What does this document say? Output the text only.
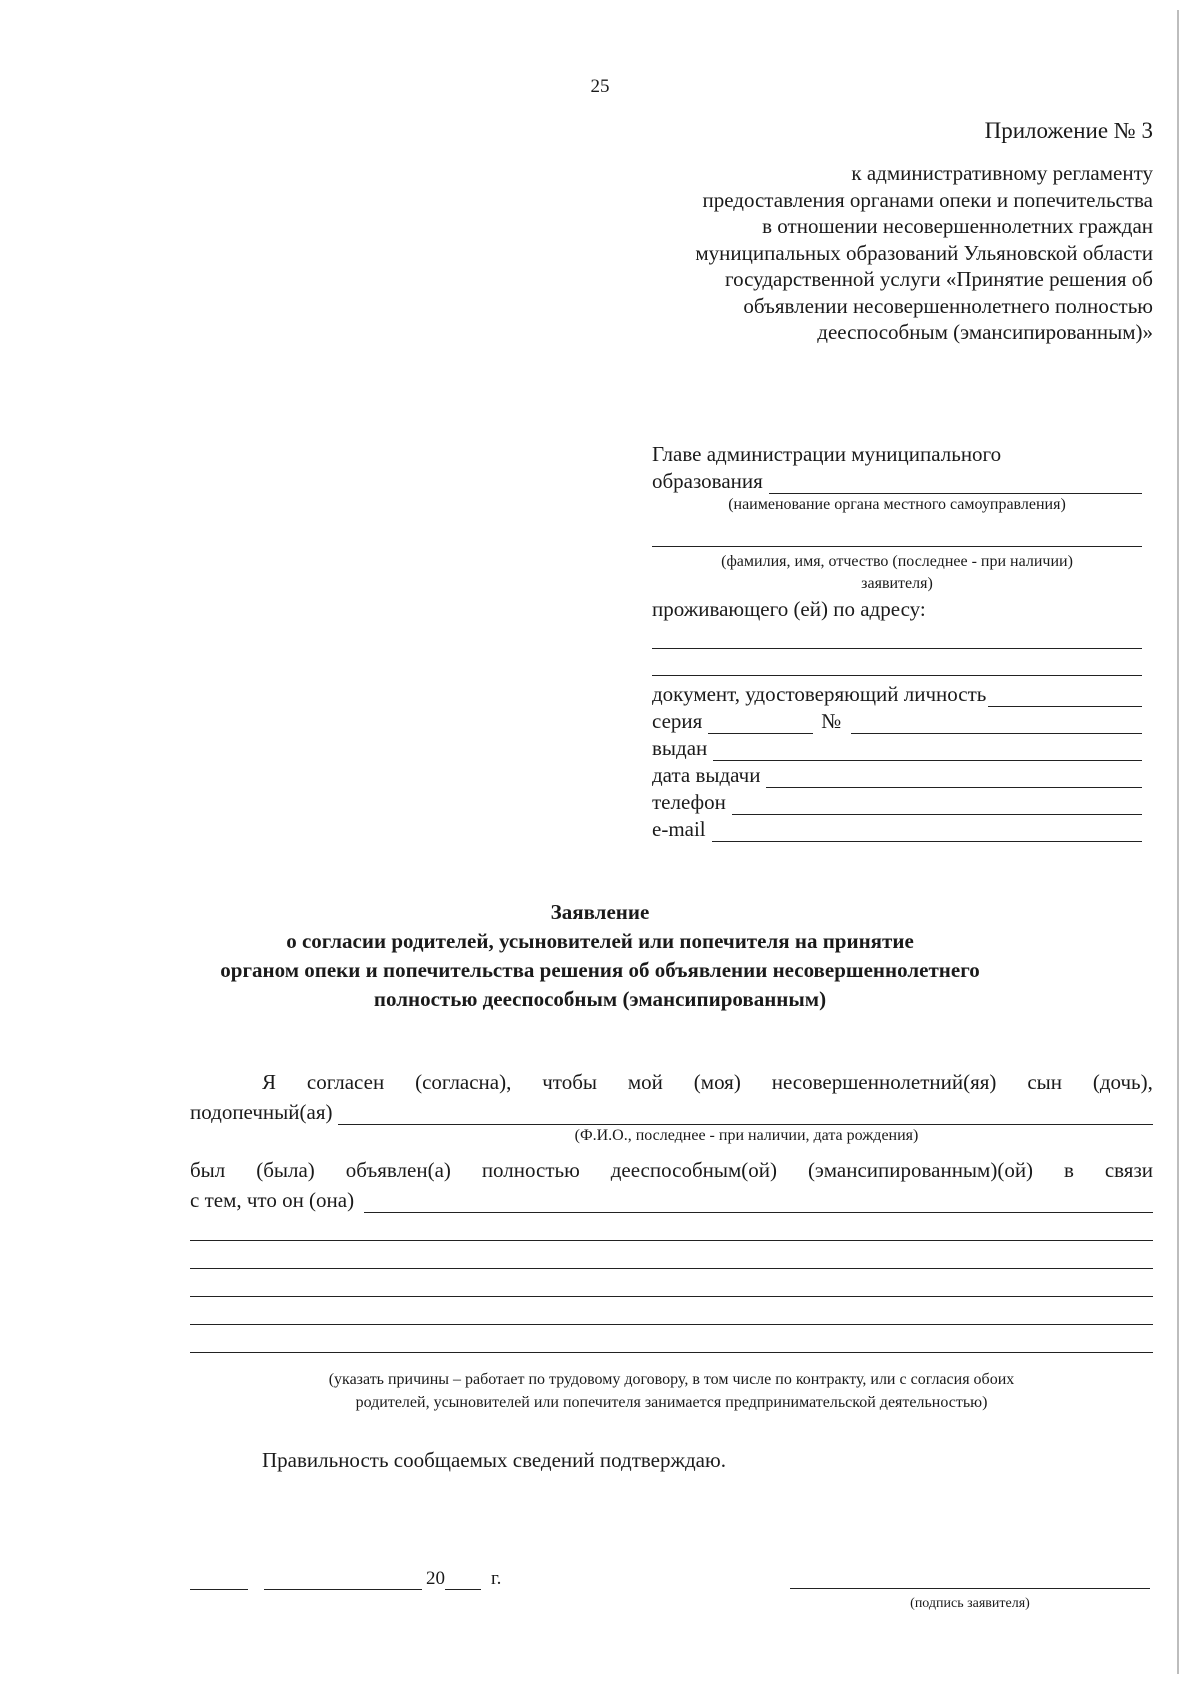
25
Приложение № 3
к административному регламенту
предоставления органами опеки и попечительства
в отношении несовершеннолетних граждан
муниципальных образований Ульяновской области
государственной услуги «Принятие решения об
объявлении несовершеннолетнего полностью
дееспособным (эмансипированным)»
Главе администрации муниципального
образования
(наименование органа местного самоуправления)
(фамилия, имя, отчество (последнее - при наличии)
заявителя)
проживающего (ей) по адресу:
документ, удостоверяющий личность
серия	№
выдан
дата выдачи
телефон
e-mail
Заявление
о согласии родителей, усыновителей или попечителя на принятие
органом опеки и попечительства решения об объявлении несовершеннолетнего
полностью дееспособным (эмансипированным)
Я согласен (согласна), чтобы мой (моя) несовершеннолетний(яя) сын (дочь),
подопечный(ая)
(Ф.И.О., последнее - при наличии, дата рождения)
был (была) объявлен(а) полностью дееспособным(ой) (эмансипированным)(ой) в связи
с тем, что он (она)
(указать причины – работает по трудовому договору, в том числе по контракту, или с согласия обоих
родителей, усыновителей или попечителя занимается предпринимательской деятельностью)
Правильность сообщаемых сведений подтверждаю.
20 г.
(подпись заявителя)
